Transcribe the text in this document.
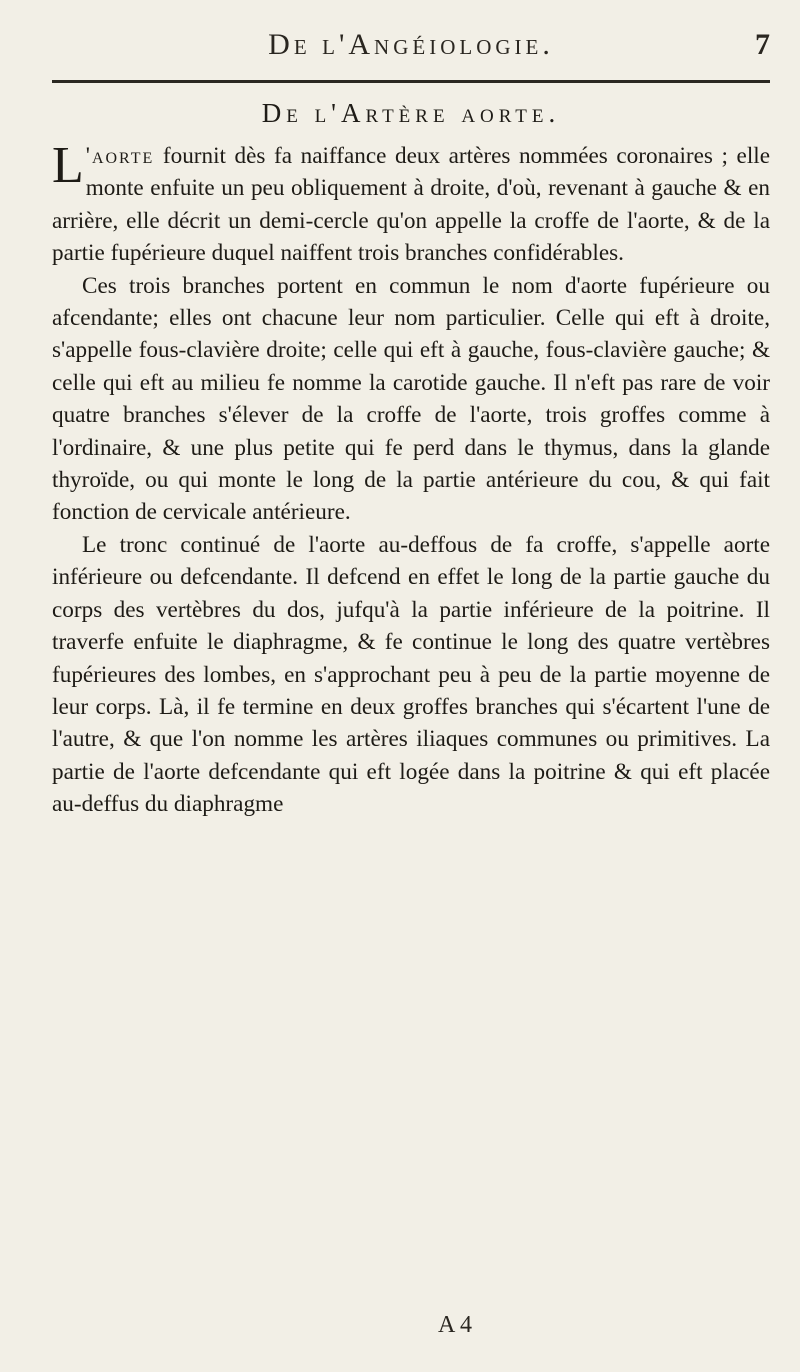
De l'Angéiologie.	7
De l'Artère aorte.

L 'aorte fournit dès fa naiffance deux artères nommées coronaires ; elle monte enfuite un peu obliquement à droite, d'où, revenant à gauche & en arrière, elle décrit un demi-cercle qu'on appelle la croffe de l'aorte, & de la partie fupérieure duquel naiffent trois branches confidérables.

Ces trois branches portent en commun le nom d'aorte fupérieure ou afcendante; elles ont chacune leur nom particulier. Celle qui eft à droite, s'appelle fous-clavière droite; celle qui eft à gauche, fous-clavière gauche; & celle qui eft au milieu fe nomme la carotide gauche. Il n'eft pas rare de voir quatre branches s'élever de la croffe de l'aorte, trois groffes comme à l'ordinaire, & une plus petite qui fe perd dans le thymus, dans la glande thyroïde, ou qui monte le long de la partie antérieure du cou, & qui fait fonction de cervicale antérieure.

Le tronc continué de l'aorte au-deffous de fa croffe, s'appelle aorte inférieure ou defcendante. Il defcend en effet le long de la partie gauche du corps des vertèbres du dos, jufqu'à la partie inférieure de la poitrine. Il traverfe enfuite le diaphragme, & fe continue le long des quatre vertèbres fupérieures des lombes, en s'approchant peu à peu de la partie moyenne de leur corps. Là, il fe termine en deux groffes branches qui s'écartent l'une de l'autre, & que l'on nomme les artères iliaques communes ou primitives. La partie de l'aorte defcendante qui eft logée dans la poitrine & qui eft placée au-deffus du diaphragme

A 4
